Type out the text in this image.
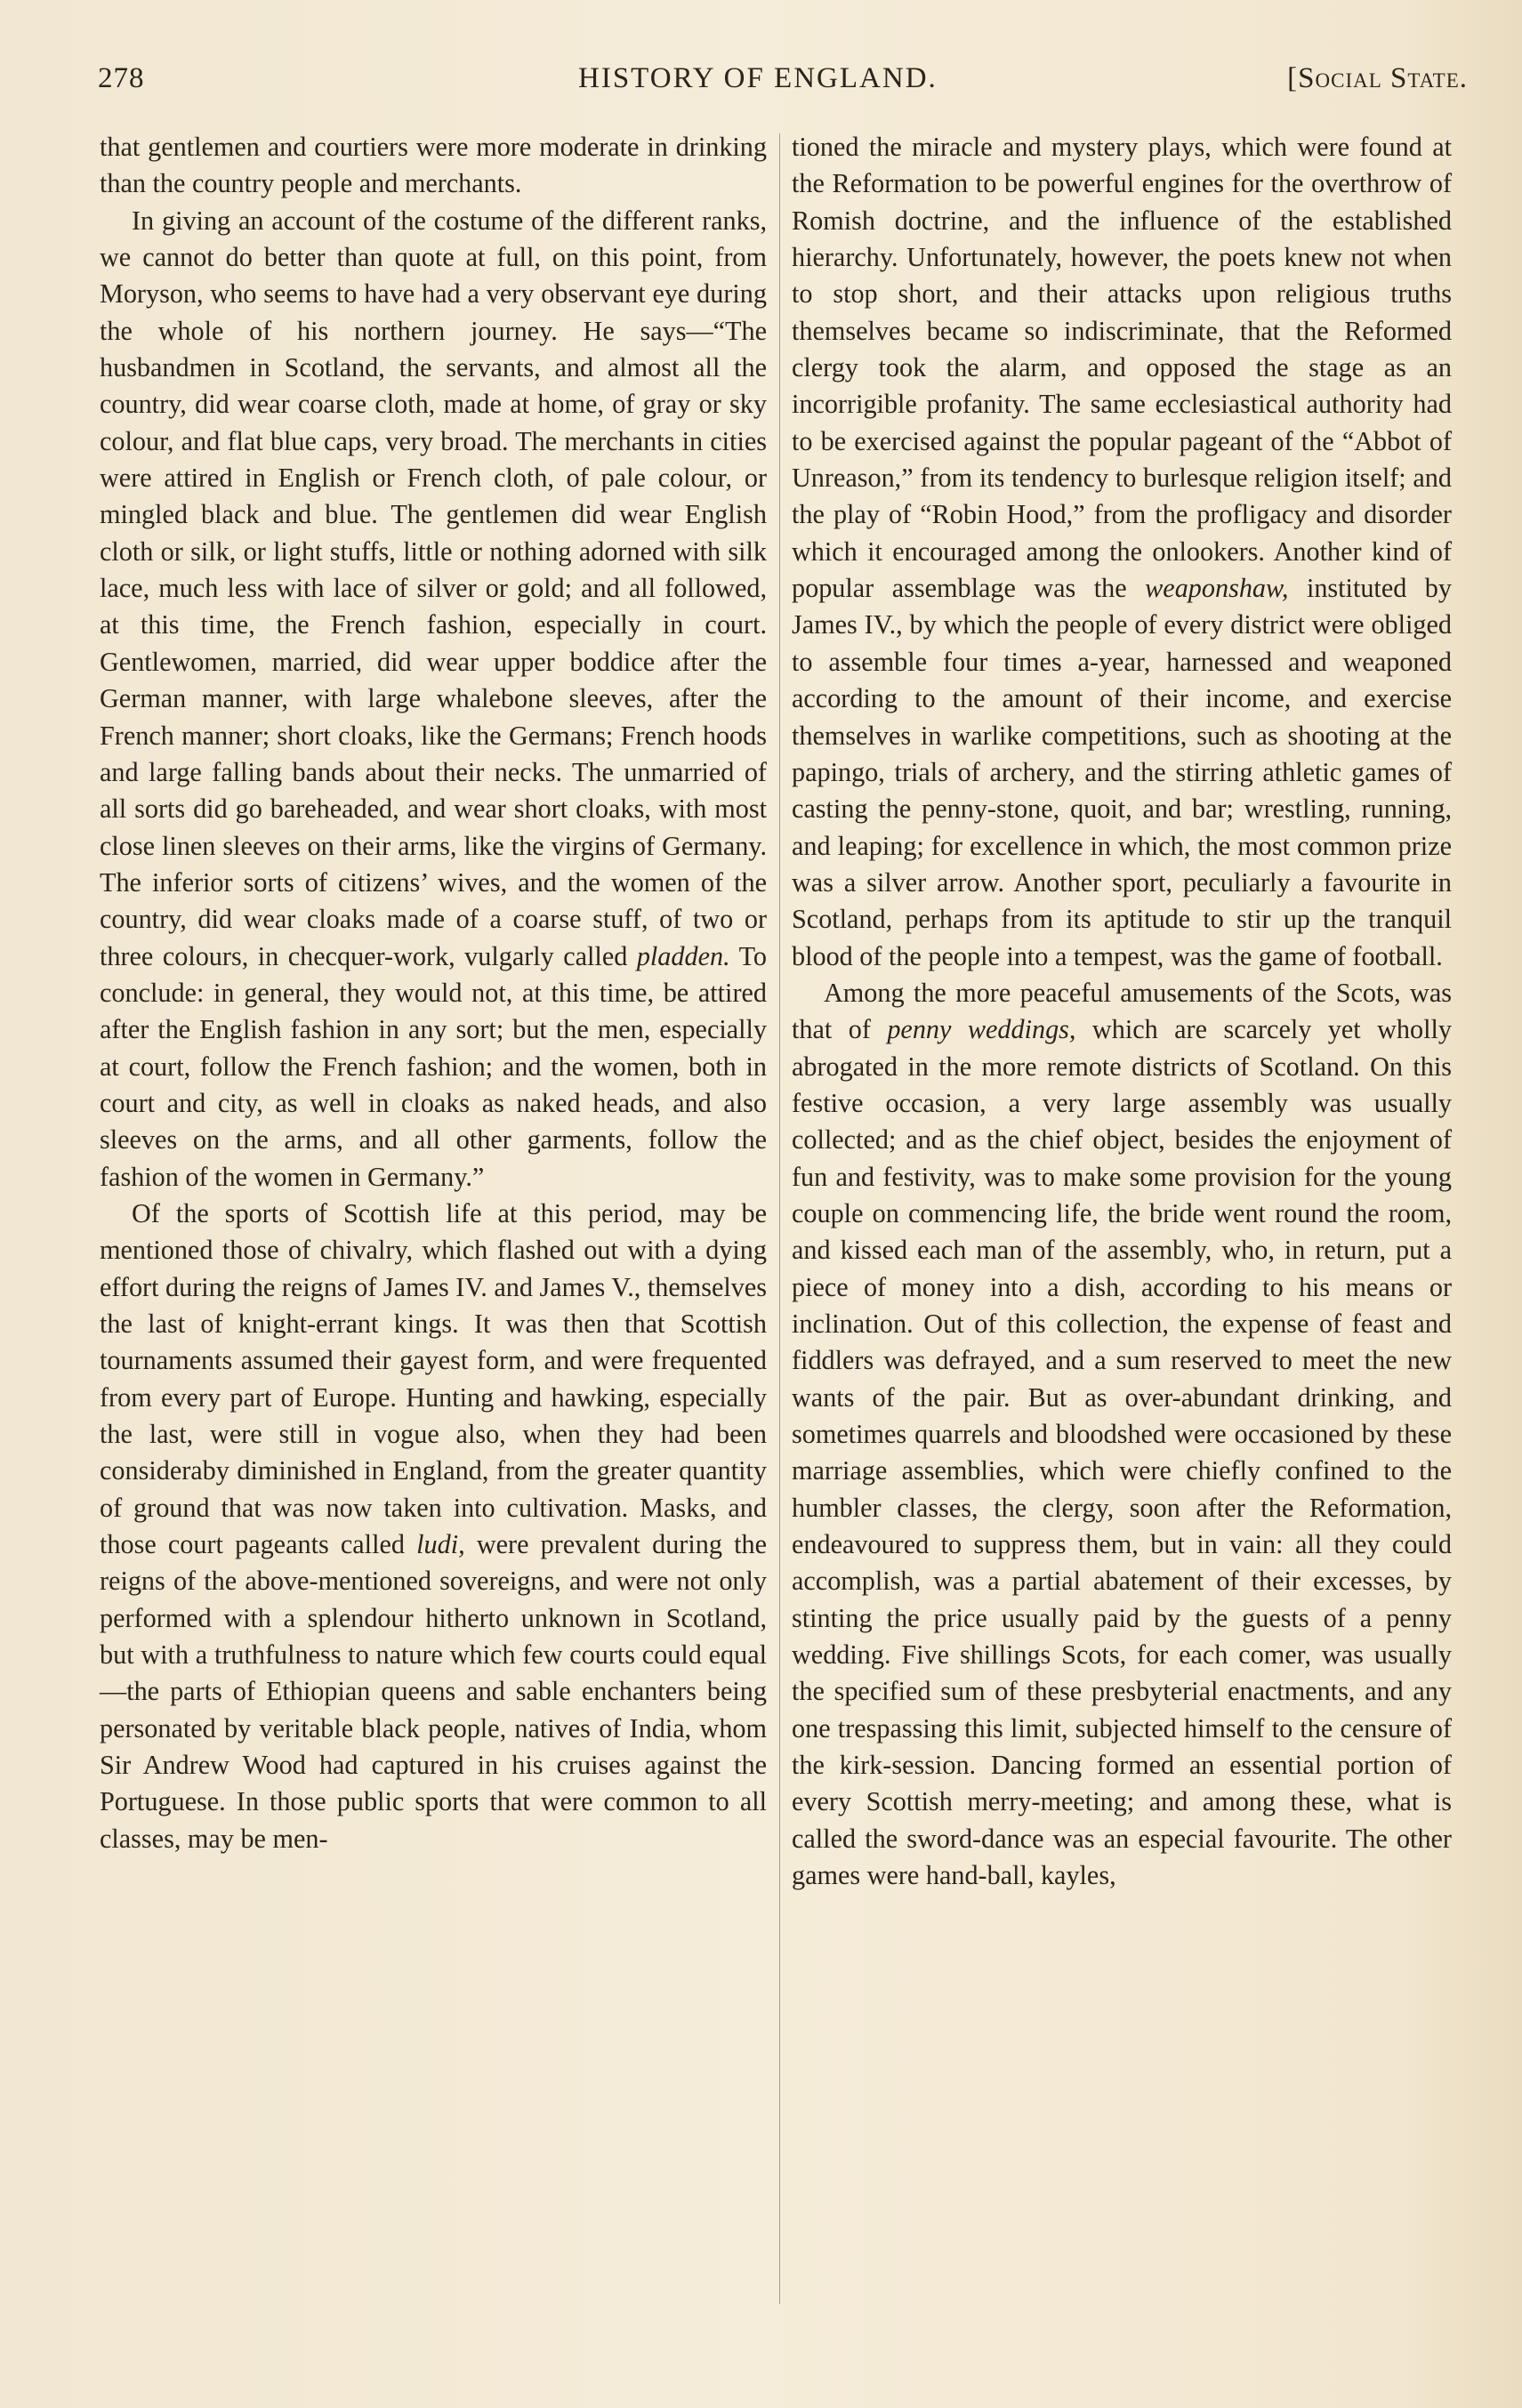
278	HISTORY OF ENGLAND.	[Social State.

that gentlemen and courtiers were more moderate in drinking than the country people and merchants.

In giving an account of the costume of the different ranks, we cannot do better than quote at full, on this point, from Moryson, who seems to have had a very observant eye during the whole of his northern journey. He says—“The husbandmen in Scotland, the servants, and almost all the country, did wear coarse cloth, made at home, of gray or sky colour, and flat blue caps, very broad. The merchants in cities were attired in English or French cloth, of pale colour, or mingled black and blue. The gentlemen did wear English cloth or silk, or light stuffs, little or nothing adorned with silk lace, much less with lace of silver or gold; and all followed, at this time, the French fashion, especially in court. Gentlewomen, married, did wear upper boddice after the German manner, with large whalebone sleeves, after the French manner; short cloaks, like the Germans; French hoods and large falling bands about their necks. The unmarried of all sorts did go bareheaded, and wear short cloaks, with most close linen sleeves on their arms, like the virgins of Germany. The inferior sorts of citizens’ wives, and the women of the country, did wear cloaks made of a coarse stuff, of two or three colours, in checquer-work, vulgarly called pladden. To conclude: in general, they would not, at this time, be attired after the English fashion in any sort; but the men, especially at court, follow the French fashion; and the women, both in court and city, as well in cloaks as naked heads, and also sleeves on the arms, and all other garments, follow the fashion of the women in Germany.”

Of the sports of Scottish life at this period, may be mentioned those of chivalry, which flashed out with a dying effort during the reigns of James IV. and James V., themselves the last of knight-errant kings. It was then that Scottish tournaments assumed their gayest form, and were frequented from every part of Europe. Hunting and hawking, especially the last, were still in vogue also, when they had been consideraby diminished in England, from the greater quantity of ground that was now taken into cultivation. Masks, and those court pageants called ludi, were prevalent during the reigns of the above-mentioned sovereigns, and were not only performed with a splendour hitherto unknown in Scotland, but with a truthfulness to nature which few courts could equal—the parts of Ethiopian queens and sable enchanters being personated by veritable black people, natives of India, whom Sir Andrew Wood had captured in his cruises against the Portuguese. In those public sports that were common to all classes, may be men-

tioned the miracle and mystery plays, which were found at the Reformation to be powerful engines for the overthrow of Romish doctrine, and the influence of the established hierarchy. Unfortunately, however, the poets knew not when to stop short, and their attacks upon religious truths themselves became so indiscriminate, that the Reformed clergy took the alarm, and opposed the stage as an incorrigible profanity. The same ecclesiastical authority had to be exercised against the popular pageant of the “Abbot of Unreason,” from its tendency to burlesque religion itself; and the play of “Robin Hood,” from the profligacy and disorder which it encouraged among the onlookers. Another kind of popular assemblage was the weaponshaw, instituted by James IV., by which the people of every district were obliged to assemble four times a-year, harnessed and weaponed according to the amount of their income, and exercise themselves in warlike competitions, such as shooting at the papingo, trials of archery, and the stirring athletic games of casting the penny-stone, quoit, and bar; wrestling, running, and leaping; for excellence in which, the most common prize was a silver arrow. Another sport, peculiarly a favourite in Scotland, perhaps from its aptitude to stir up the tranquil blood of the people into a tempest, was the game of football.

Among the more peaceful amusements of the Scots, was that of penny weddings, which are scarcely yet wholly abrogated in the more remote districts of Scotland. On this festive occasion, a very large assembly was usually collected; and as the chief object, besides the enjoyment of fun and festivity, was to make some provision for the young couple on commencing life, the bride went round the room, and kissed each man of the assembly, who, in return, put a piece of money into a dish, according to his means or inclination. Out of this collection, the expense of feast and fiddlers was defrayed, and a sum reserved to meet the new wants of the pair. But as over-abundant drinking, and sometimes quarrels and bloodshed were occasioned by these marriage assemblies, which were chiefly confined to the humbler classes, the clergy, soon after the Reformation, endeavoured to suppress them, but in vain: all they could accomplish, was a partial abatement of their excesses, by stinting the price usually paid by the guests of a penny wedding. Five shillings Scots, for each comer, was usually the specified sum of these presbyterial enactments, and any one trespassing this limit, subjected himself to the censure of the kirk-session. Dancing formed an essential portion of every Scottish merry-meeting; and among these, what is called the sword-dance was an especial favourite. The other games were hand-ball, kayles,
